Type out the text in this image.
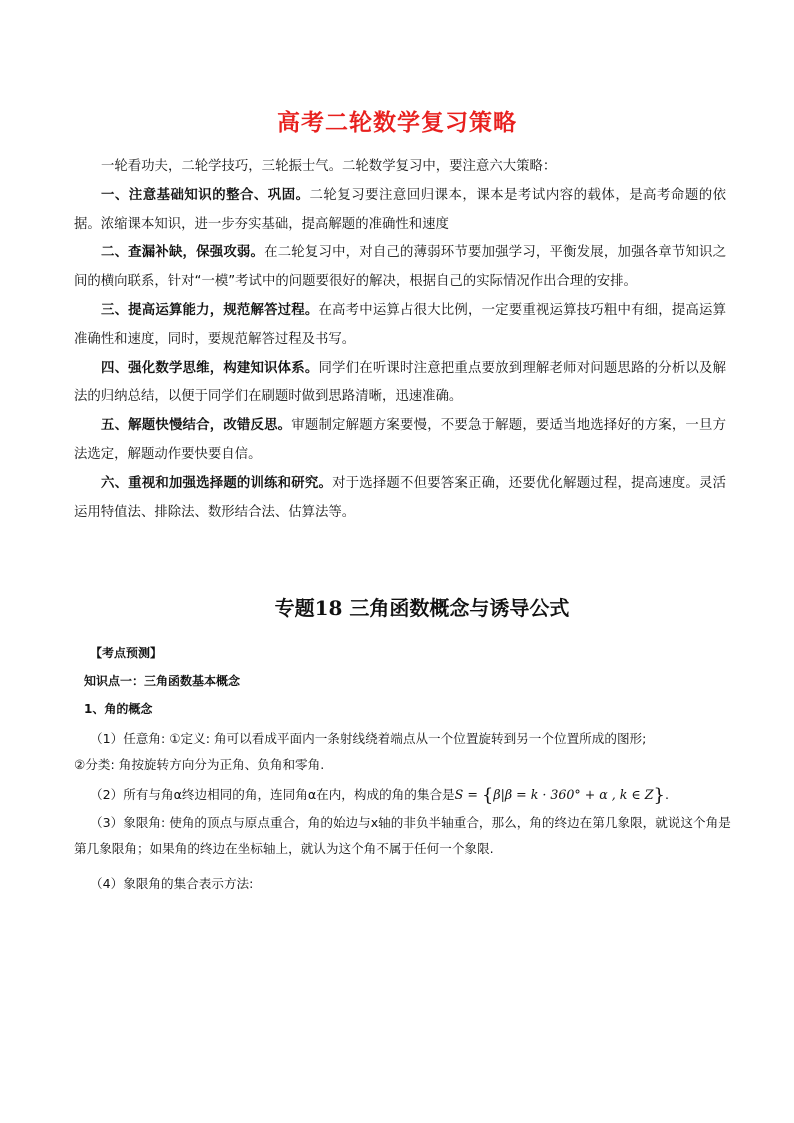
高考二轮数学复习策略

一轮看功夫，二轮学技巧，三轮振士气。二轮数学复习中，要注意六大策略：

一、注意基础知识的整合、巩固。二轮复习要注意回归课本，课本是考试内容的载体，是高考命题的依据。浓缩课本知识，进一步夯实基础，提高解题的准确性和速度

二、查漏补缺，保强攻弱。在二轮复习中，对自己的薄弱环节要加强学习，平衡发展，加强各章节知识之间的横向联系，针对“一模”考试中的问题要很好的解决，根据自己的实际情况作出合理的安排。

三、提高运算能力，规范解答过程。在高考中运算占很大比例，一定要重视运算技巧粗中有细，提高运算准确性和速度，同时，要规范解答过程及书写。

四、强化数学思维，构建知识体系。同学们在听课时注意把重点要放到理解老师对问题思路的分析以及解法的归纳总结，以便于同学们在刷题时做到思路清晰，迅速准确。

五、解题快慢结合，改错反思。审题制定解题方案要慢，不要急于解题，要适当地选择好的方案，一旦方法选定，解题动作要快要自信。

六、重视和加强选择题的训练和研究。对于选择题不但要答案正确，还要优化解题过程，提高速度。灵活运用特值法、排除法、数形结合法、估算法等。

专题18 三角函数概念与诱导公式
【考点预测】
知识点一：三角函数基本概念
1、角的概念
（1）任意角: ①定义: 角可以看成平面内一条射线绕着端点从一个位置旋转到另一个位置所成的图形;
②分类: 角按旋转方向分为正角、负角和零角.
（2）所有与角α终边相同的角，连同角α在内，构成的角的集合是S = {β|β = k · 360° + α , k ∈ Z}.

（3）象限角: 使角的顶点与原点重合，角的始边与x轴的非负半轴重合，那么，角的终边在第几象限，就说这个角是第几象限角；如果角的终边在坐标轴上，就认为这个角不属于任何一个象限.

（4）象限角的集合表示方法:
